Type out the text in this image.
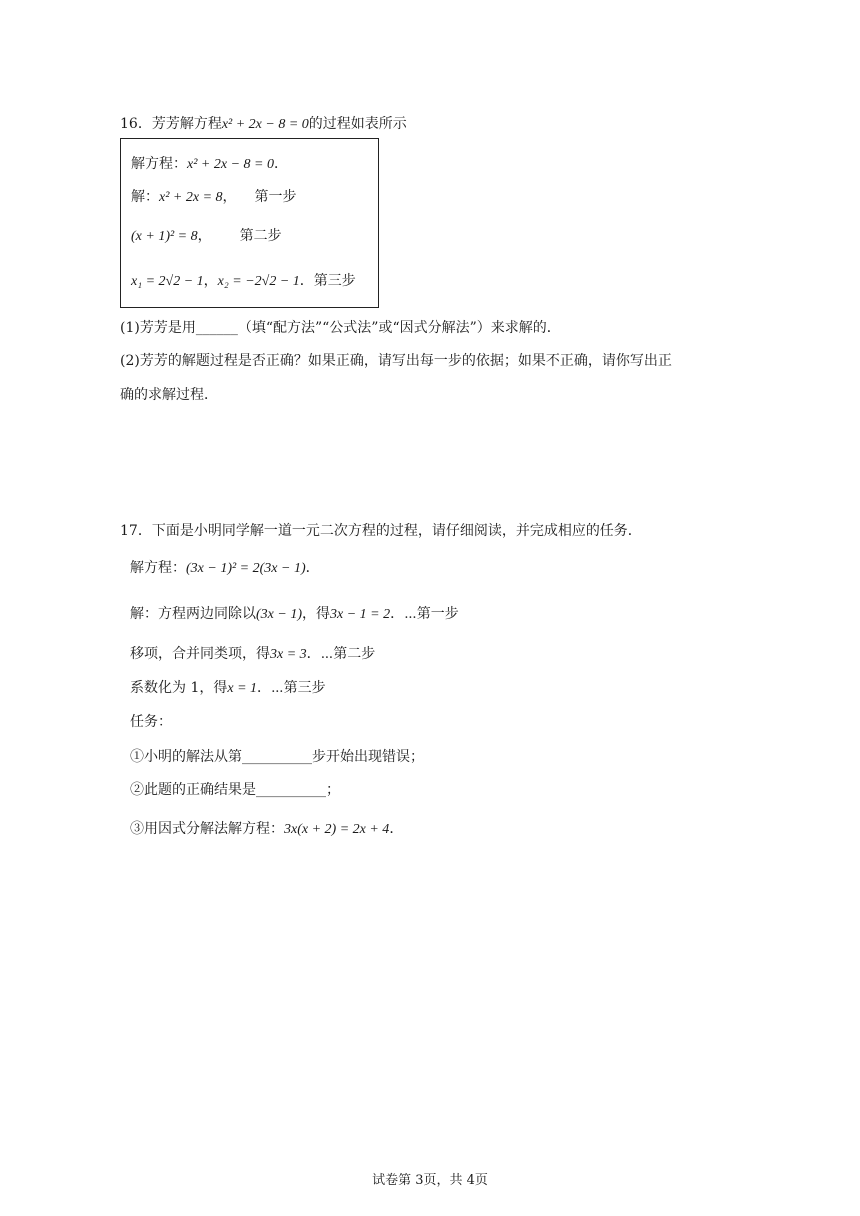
16．芳芳解方程x² + 2x − 8 = 0的过程如表所示
解方程：x² + 2x − 8 = 0．
解：x² + 2x = 8， 第一步
(x + 1)² = 8， 第二步
x₁ = 2√2 − 1，x₂ = −2√2 − 1．第三步
(1)芳芳是用______（填“配方法”“公式法”或“因式分解法”）来求解的．
(2)芳芳的解题过程是否正确？如果正确，请写出每一步的依据；如果不正确，请你写出正
确的求解过程．
17．下面是小明同学解一道一元二次方程的过程，请仔细阅读，并完成相应的任务．
解方程：(3x − 1)² = 2(3x − 1)．
解：方程两边同除以(3x − 1)，得3x − 1 = 2．⋯第一步
移项，合并同类项，得3x = 3．⋯第二步
系数化为 1，得x = 1．⋯第三步
任务：
①小明的解法从第__________步开始出现错误；
②此题的正确结果是__________；
③用因式分解法解方程：3x(x + 2) = 2x + 4．
试卷第 3页，共 4页
